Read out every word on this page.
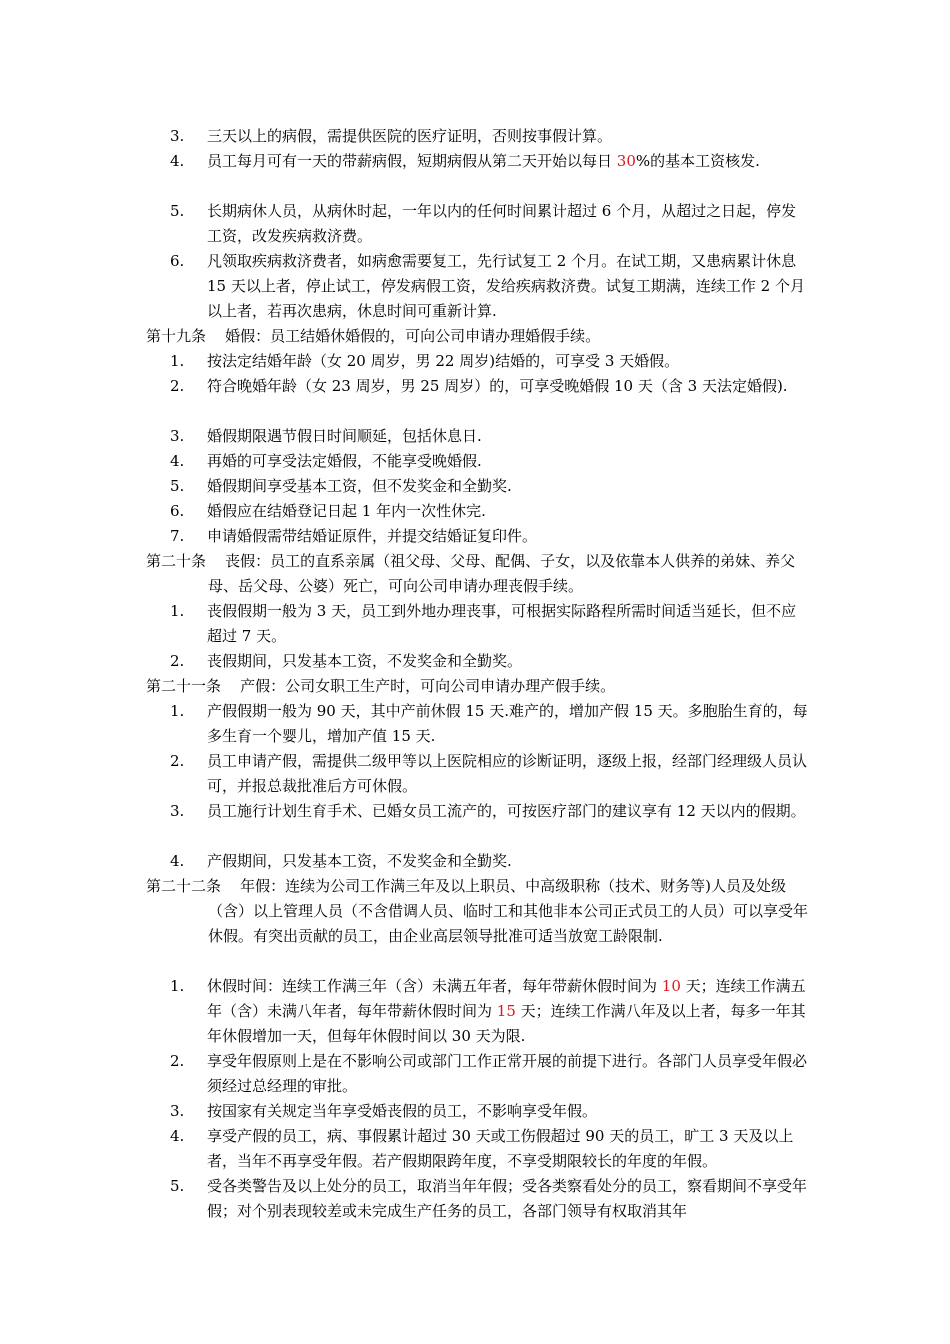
3.	三天以上的病假，需提供医院的医疗证明，否则按事假计算。

4.	员工每月可有一天的带薪病假，短期病假从第二天开始以每日 30%的基本工资核发.

5.	长期病休人员，从病休时起，一年以内的任何时间累计超过 6 个月，从超过之日起，停发工资，改发疾病救济费。

6.	凡领取疾病救济费者，如病愈需要复工，先行试复工 2 个月。在试工期，又患病累计休息 15 天以上者，停止试工，停发病假工资，发给疾病救济费。试复工期满，连续工作 2 个月以上者，若再次患病，休息时间可重新计算.

第十九条 婚假：员工结婚休婚假的，可向公司申请办理婚假手续。

1.	按法定结婚年龄（女 20 周岁，男 22 周岁)结婚的，可享受 3 天婚假。

2.	符合晚婚年龄（女 23 周岁，男 25 周岁）的，可享受晚婚假 10 天（含 3 天法定婚假).

3.	婚假期限遇节假日时间顺延，包括休息日.

4.	再婚的可享受法定婚假，不能享受晚婚假.

5.	婚假期间享受基本工资，但不发奖金和全勤奖.

6.	婚假应在结婚登记日起 1 年内一次性休完.

7.	申请婚假需带结婚证原件，并提交结婚证复印件。

第二十条 丧假：员工的直系亲属（祖父母、父母、配偶、子女，以及依靠本人供养的弟妹、养父母、岳父母、公婆）死亡，可向公司申请办理丧假手续。

1.	丧假假期一般为 3 天，员工到外地办理丧事，可根据实际路程所需时间适当延长，但不应超过 7 天。

2.	丧假期间，只发基本工资，不发奖金和全勤奖。

第二十一条 产假：公司女职工生产时，可向公司申请办理产假手续。

1.	产假假期一般为 90 天，其中产前休假 15 天.难产的，增加产假 15 天。多胞胎生育的，每多生育一个婴儿，增加产值 15 天.

2.	员工申请产假，需提供二级甲等以上医院相应的诊断证明，逐级上报，经部门经理级人员认可，并报总裁批准后方可休假。

3.	员工施行计划生育手术、已婚女员工流产的，可按医疗部门的建议享有 12 天以内的假期。

4.	产假期间，只发基本工资，不发奖金和全勤奖.

第二十二条 年假：连续为公司工作满三年及以上职员、中高级职称（技术、财务等)人员及处级（含）以上管理人员（不含借调人员、临时工和其他非本公司正式员工的人员）可以享受年休假。有突出贡献的员工，由企业高层领导批准可适当放宽工龄限制.

1.	休假时间：连续工作满三年（含）未满五年者，每年带薪休假时间为 10 天；连续工作满五年（含）未满八年者，每年带薪休假时间为 15 天；连续工作满八年及以上者，每多一年其年休假增加一天，但每年休假时间以 30 天为限.

2.	享受年假原则上是在不影响公司或部门工作正常开展的前提下进行。各部门人员享受年假必须经过总经理的审批。

3.	按国家有关规定当年享受婚丧假的员工，不影响享受年假。

4.	享受产假的员工，病、事假累计超过 30 天或工伤假超过 90 天的员工，旷工 3 天及以上者，当年不再享受年假。若产假期限跨年度，不享受期限较长的年度的年假。

5.	受各类警告及以上处分的员工，取消当年年假；受各类察看处分的员工，察看期间不享受年假；对个别表现较差或未完成生产任务的员工，各部门领导有权取消其年
